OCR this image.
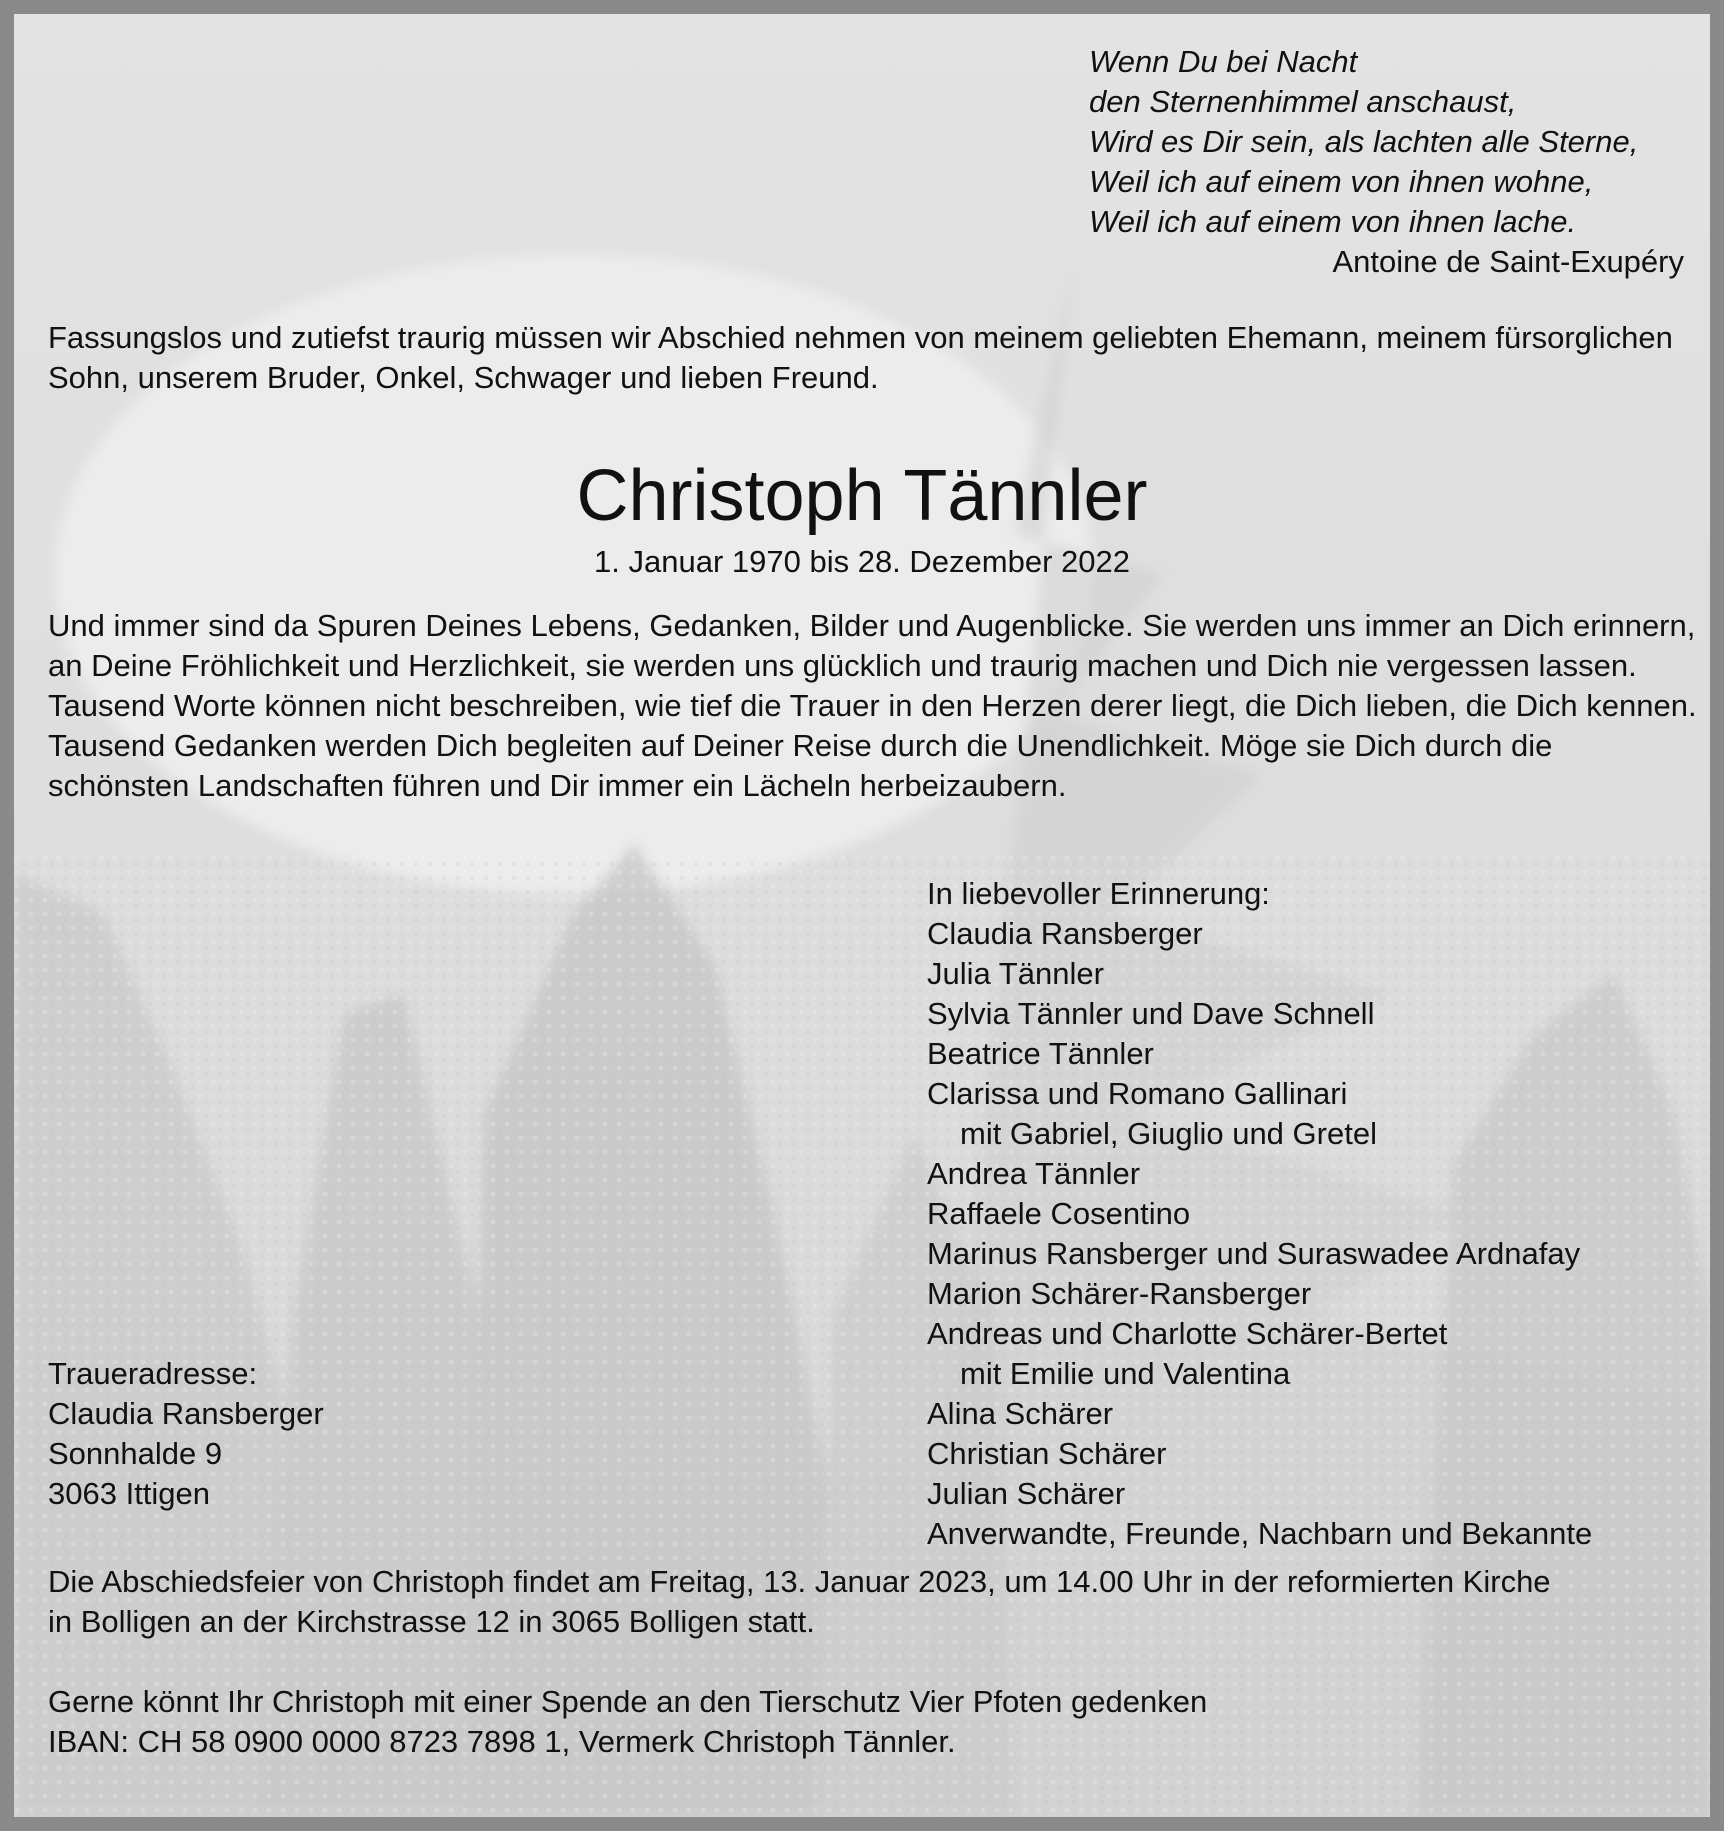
Wenn Du bei Nacht
den Sternenhimmel anschaust,
Wird es Dir sein, als lachten alle Sterne,
Weil ich auf einem von ihnen wohne,
Weil ich auf einem von ihnen lache.
Antoine de Saint-Exupéry
Fassungslos und zutiefst traurig müssen wir Abschied nehmen von meinem geliebten Ehemann, meinem fürsorglichen Sohn, unserem Bruder, Onkel, Schwager und lieben Freund.
Christoph Tännler
1. Januar 1970 bis 28. Dezember 2022
Und immer sind da Spuren Deines Lebens, Gedanken, Bilder und Augenblicke. Sie werden uns immer an Dich erinnern, an Deine Fröhlichkeit und Herzlichkeit, sie werden uns glücklich und traurig machen und Dich nie vergessen lassen.
Tausend Worte können nicht beschreiben, wie tief die Trauer in den Herzen derer liegt, die Dich lieben, die Dich kennen. Tausend Gedanken werden Dich begleiten auf Deiner Reise durch die Unendlichkeit. Möge sie Dich durch die schönsten Landschaften führen und Dir immer ein Lächeln herbeizaubern.
In liebevoller Erinnerung:
Claudia Ransberger
Julia Tännler
Sylvia Tännler und Dave Schnell
Beatrice Tännler
Clarissa und Romano Gallinari
mit Gabriel, Giuglio und Gretel
Andrea Tännler
Raffaele Cosentino
Marinus Ransberger und Suraswadee Ardnafay
Marion Schärer-Ransberger
Andreas und Charlotte Schärer-Bertet
mit Emilie und Valentina
Alina Schärer
Christian Schärer
Julian Schärer
Anverwandte, Freunde, Nachbarn und Bekannte
Traueradresse:
Claudia Ransberger
Sonnhalde 9
3063 Ittigen
Die Abschiedsfeier von Christoph findet am Freitag, 13. Januar 2023, um 14.00 Uhr in der reformierten Kirche
in Bolligen an der Kirchstrasse 12 in 3065 Bolligen statt.
Gerne könnt Ihr Christoph mit einer Spende an den Tierschutz Vier Pfoten gedenken
IBAN: CH 58 0900 0000 8723 7898 1, Vermerk Christoph Tännler.
